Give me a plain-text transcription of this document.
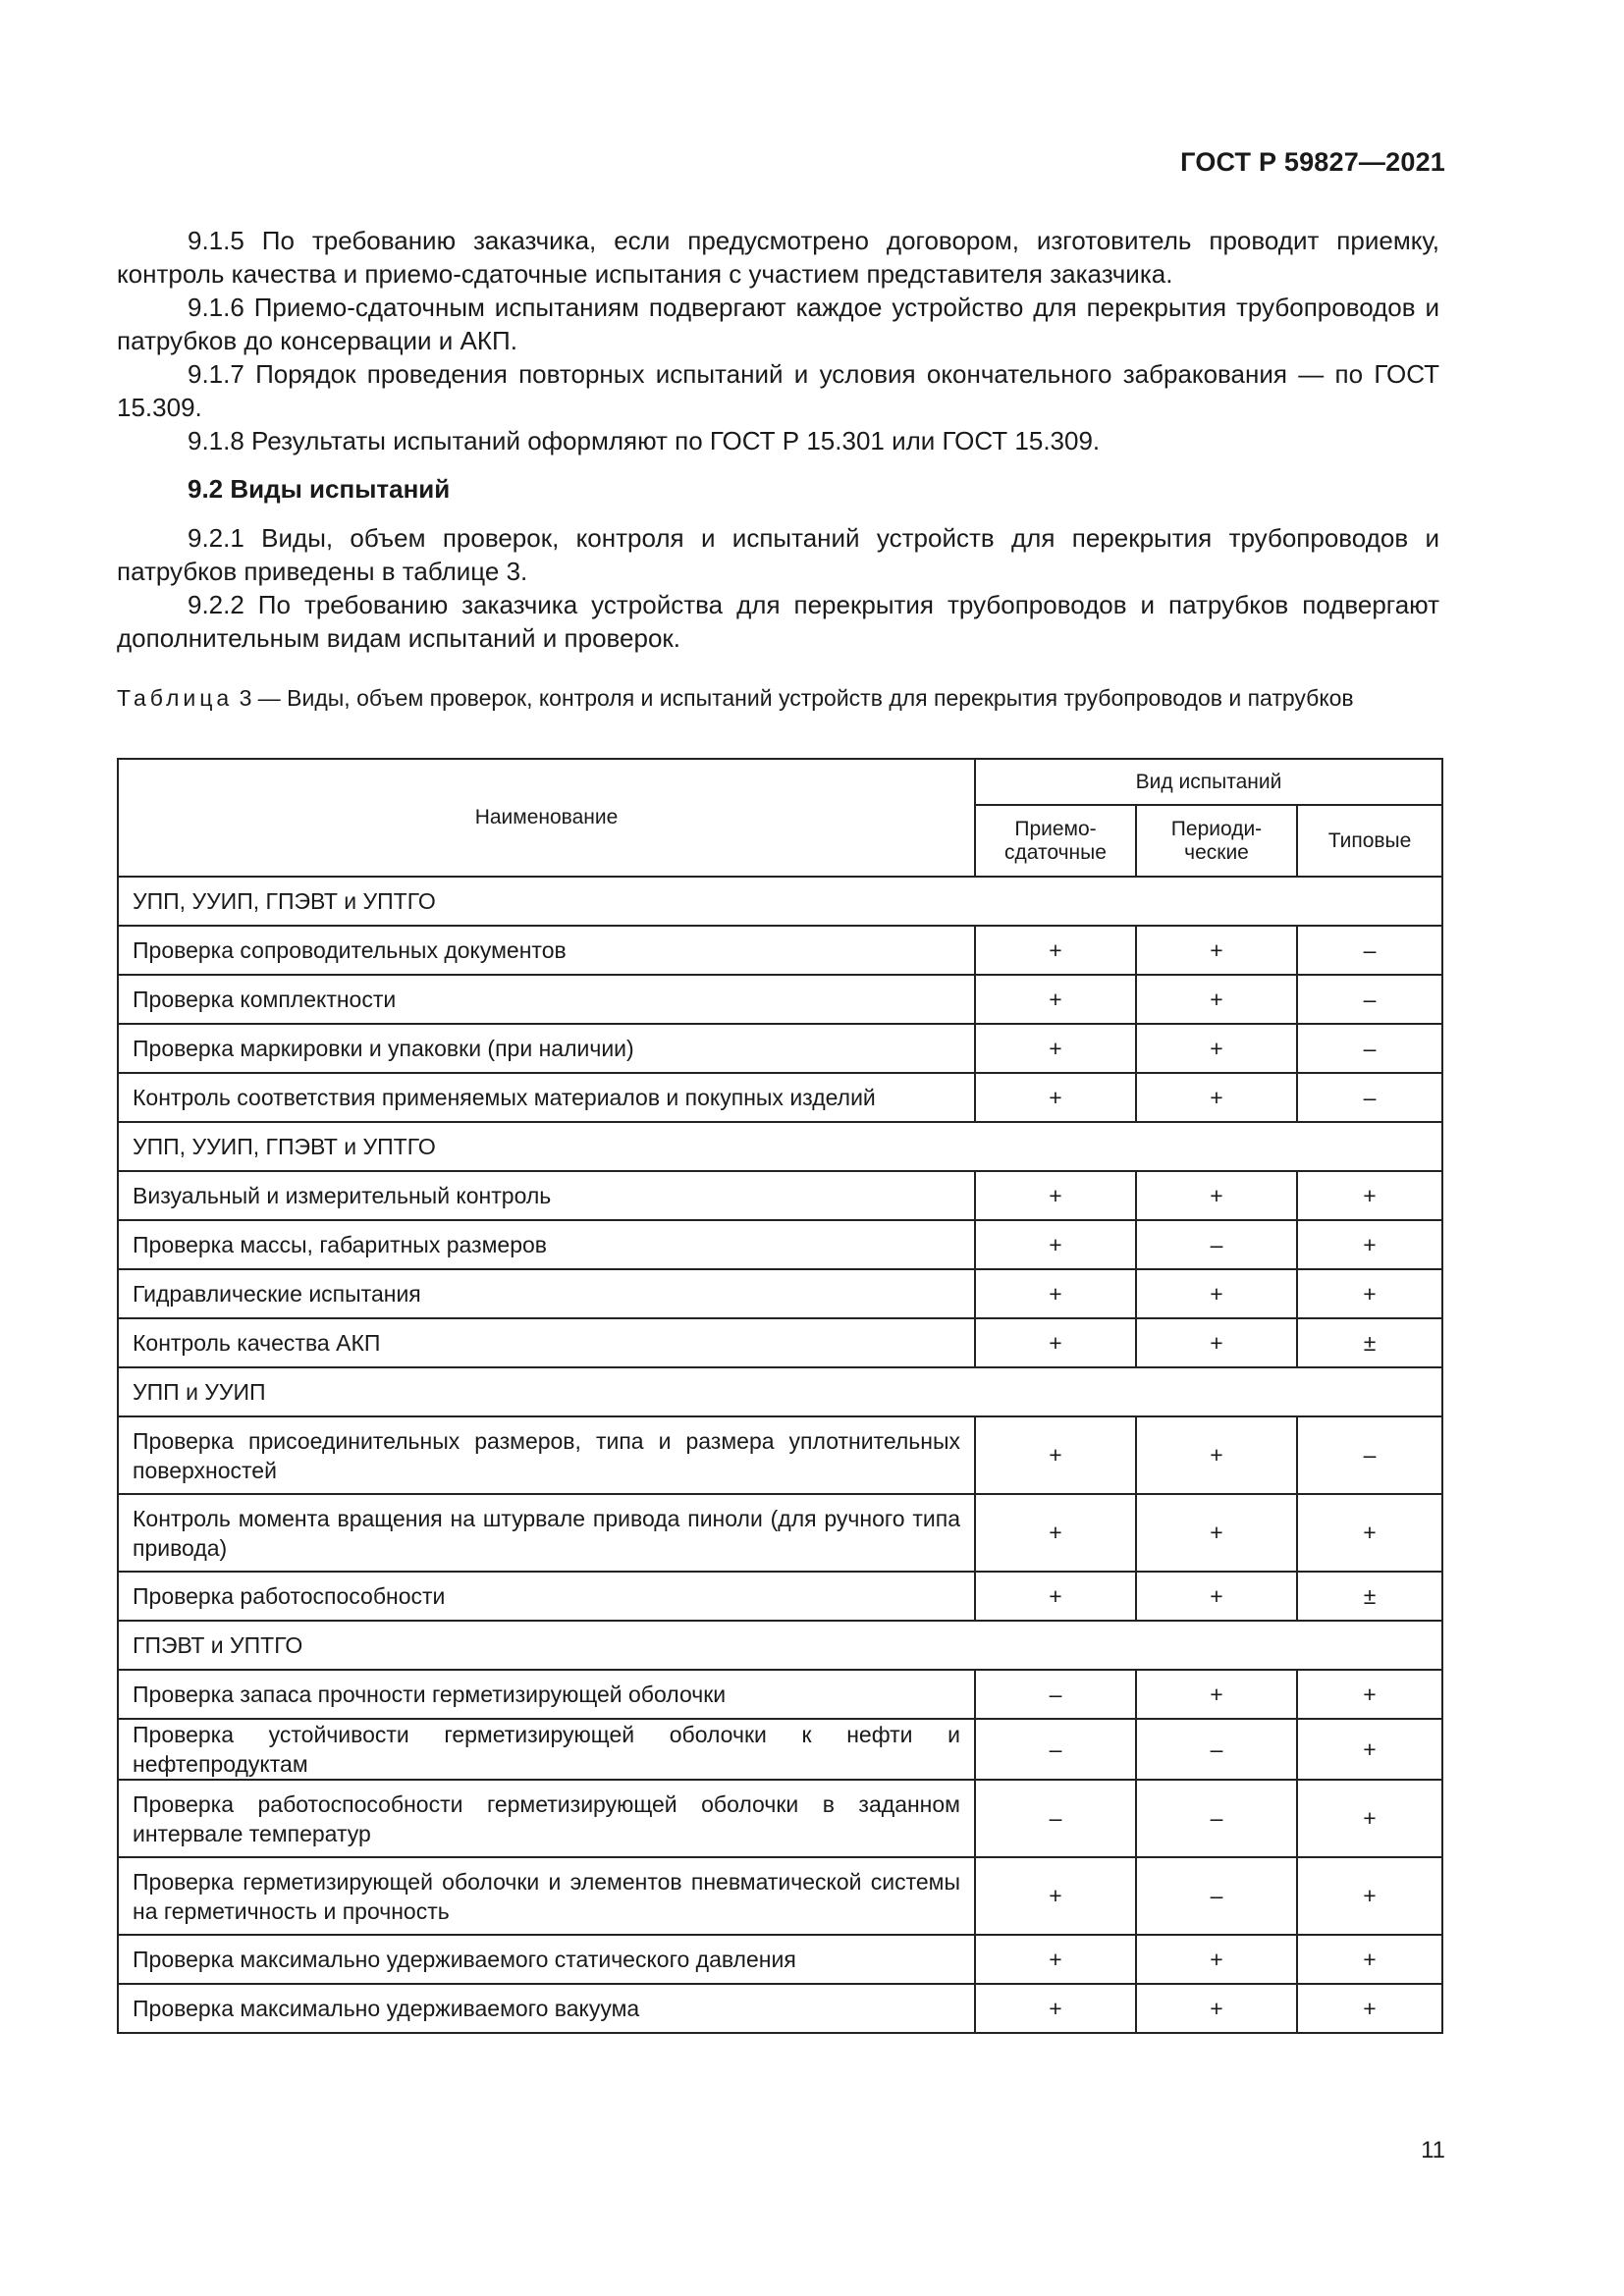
ГОСТ Р 59827—2021

9.1.5 По требованию заказчика, если предусмотрено договором, изготовитель проводит приемку, контроль качества и приемо-сдаточные испытания с участием представителя заказчика.

9.1.6 Приемо-сдаточным испытаниям подвергают каждое устройство для перекрытия трубопроводов и патрубков до консервации и АКП.

9.1.7 Порядок проведения повторных испытаний и условия окончательного забракования — по ГОСТ 15.309.

9.1.8 Результаты испытаний оформляют по ГОСТ Р 15.301 или ГОСТ 15.309.

9.2 Виды испытаний

9.2.1 Виды, объем проверок, контроля и испытаний устройств для перекрытия трубопроводов и патрубков приведены в таблице 3.

9.2.2 По требованию заказчика устройства для перекрытия трубопроводов и патрубков подвергают дополнительным видам испытаний и проверок.

Таблица 3 — Виды, объем проверок, контроля и испытаний устройств для перекрытия трубопроводов и патрубков
Наименование	Вид испытаний		
	Приемо-сдаточные	Периоди-ческие	Типовые
УПП, УУИП, ГПЭВТ и УПТГО			
Проверка сопроводительных документов	+	+	–
Проверка комплектности	+	+	–
Проверка маркировки и упаковки (при наличии)	+	+	–
Контроль соответствия применяемых материалов и покупных изделий	+	+	–
УПП, УУИП, ГПЭВТ и УПТГО			
Визуальный и измерительный контроль	+	+	+
Проверка массы, габаритных размеров	+	–	+
Гидравлические испытания	+	+	+
Контроль качества АКП	+	+	±
УПП и УУИП			
Проверка присоединительных размеров, типа и размера уплотнительных поверхностей	+	+	–
Контроль момента вращения на штурвале привода пиноли (для ручного типа привода)	+	+	+
Проверка работоспособности	+	+	±
ГПЭВТ и УПТГО			
Проверка запаса прочности герметизирующей оболочки	–	+	+
Проверка устойчивости герметизирующей оболочки к нефти и нефтепродуктам	–	–	+
Проверка работоспособности герметизирующей оболочки в заданном интервале температур	–	–	+
Проверка герметизирующей оболочки и элементов пневматической системы на герметичность и прочность	+	–	+
Проверка максимально удерживаемого статического давления	+	+	+
Проверка максимально удерживаемого вакуума	+	+	+
11
